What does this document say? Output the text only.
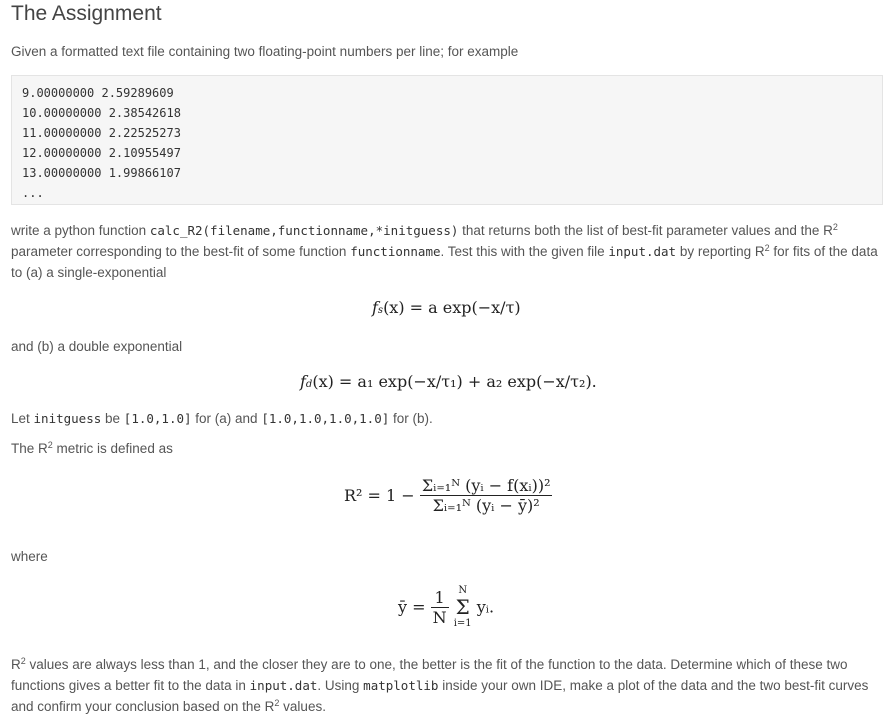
The Assignment

Given a formatted text file containing two floating-point numbers per line; for example

9.00000000 2.59289609
10.00000000 2.38542618
11.00000000 2.22525273
12.00000000 2.10955497
13.00000000 1.99866107
...

write a python function calc_R2(filename,functionname,*initguess) that returns both the list of best-fit parameter values and the $R^2$ parameter corresponding to the best-fit of some function functionname. Test this with the given file input.dat by reporting $R^2$ for fits of the data to (a) a single-exponential

fs(x) = a exp(−x/τ)

and (b) a double exponential

fd(x) = a₁ exp(−x/τ₁) + a₂ exp(−x/τ₂).

Let initguess be [1.0,1.0] for (a) and [1.0,1.0,1.0,1.0] for (b).

The $R^2$ metric is defined as

$R^2 = 1 - \frac{\text{Σᵢ₌₁ᴺ (yᵢ − f(xᵢ))²}}{\text{Σᵢ₌₁ᴺ (yᵢ − ȳ)²}}$

where

ȳ = $\frac{1}{N}$
N
Σ
i=1
yᵢ.

$R^2$ values are always less than 1, and the closer they are to one, the better is the fit of the function to the data. Determine which of these two functions gives a better fit to the data in input.dat. Using matplotlib inside your own IDE, make a plot of the data and the two best-fit curves and confirm your conclusion based on the $R^2$ values.
